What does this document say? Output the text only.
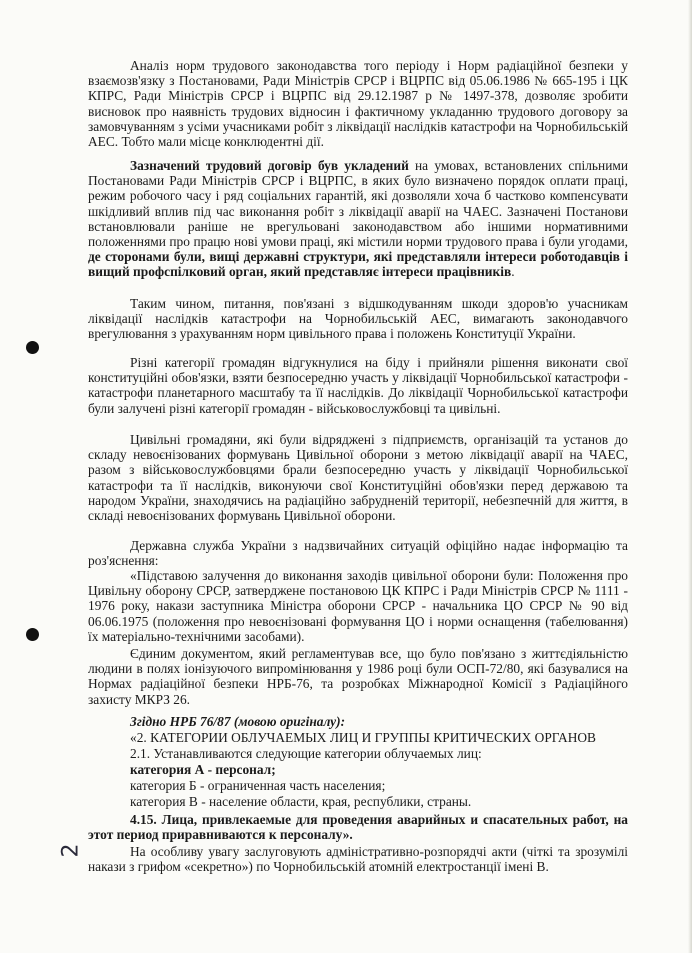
Аналіз норм трудового законодавства того періоду і Норм радіаційної безпеки у взаємозв'язку з Постановами, Ради Міністрів СРСР і ВЦРПС від 05.06.1986 № 665-195 і ЦК КПРС, Ради Міністрів СРСР і ВЦРПС від 29.12.1987 р № 1497-378, дозволяє зробити висновок про наявність трудових відносин і фактичному укладанню трудового договору за замовчуванням з усіми учасниками робіт з ліквідації наслідків катастрофи на Чорнобильській АЕС. Тобто мали місце конклюдентні дії.

Зазначений трудовий договір був укладений на умовах, встановлених спільними Постановами Ради Міністрів СРСР і ВЦРПС, в яких було визначено порядок оплати праці, режим робочого часу і ряд соціальних гарантій, які дозволяли хоча б частково компенсувати шкідливий вплив під час виконання робіт з ліквідації аварії на ЧАЕС. Зазначені Постанови встановлювали раніше не врегульовані законодавством або іншими нормативними положеннями про працю нові умови праці, які містили норми трудового права і були угодами, де сторонами були, вищі державні структури, які представляли інтереси роботодавців і вищий профспілковий орган, який представляє інтереси працівників.

Таким чином, питання, пов'язані з відшкодуванням шкоди здоров'ю учасникам ліквідації наслідків катастрофи на Чорнобильській АЕС, вимагають законодавчого врегулювання з урахуванням норм цивільного права і положень Конституції України.

Різні категорії громадян відгукнулися на біду і прийняли рішення виконати свої конституційні обов'язки, взяти безпосередню участь у ліквідації Чорнобильської катастрофи - катастрофи планетарного масштабу та її наслідків. До ліквідації Чорнобильської катастрофи були залучені різні категорії громадян - військовослужбовці та цивільні.

Цивільні громадяни, які були відряджені з підприємств, організацій та установ до складу невоєнізованих формувань Цивільної оборони з метою ліквідації аварії на ЧАЕС, разом з військовослужбовцями брали безпосередню участь у ліквідації Чорнобильської катастрофи та її наслідків, виконуючи свої Конституційні обов'язки перед державою та народом України, знаходячись на радіаційно забрудненій території, небезпечній для життя, в складі невоєнізованих формувань Цивільної оборони.

Державна служба України з надзвичайних ситуацій офіційно надає інформацію та роз'яснення:

«Підставою залучення до виконання заходів цивільної оборони були: Положення про Цивільну оборону СРСР, затверджене постановою ЦК КПРС і Ради Міністрів СРСР № 1111 - 1976 року, накази заступника Міністра оборони СРСР - начальника ЦО СРСР № 90 від 06.06.1975 (положення про невоєнізовані формування ЦО і норми оснащення (табелювання) їх матеріально-технічними засобами).

Єдиним документом, який регламентував все, що було пов'язано з життєдіяльністю людини в полях іонізуючого випромінювання у 1986 році були ОСП-72/80, які базувалися на Нормах радіаційної безпеки НРБ-76, та розробках Міжнародної Комісії з Радіаційного захисту МКРЗ 26.

Згідно НРБ 76/87 (мовою оригіналу):

«2. КАТЕГОРИИ ОБЛУЧАЕМЫХ ЛИЦ И ГРУППЫ КРИТИЧЕСКИХ ОРГАНОВ

2.1. Устанавливаются следующие категории облучаемых лиц:

категория А - персонал;

категория Б - ограниченная часть населения;

категория В - население области, края, республики, страны.

4.15. Лица, привлекаемые для проведения аварийных и спасательных работ, на этот период приравниваются к персоналу».

На особливу увагу заслуговують адміністративно-розпорядчі акти (чіткі та зрозумілі накази з грифом «секретно») по Чорнобильській атомній електростанції імені В.

2
